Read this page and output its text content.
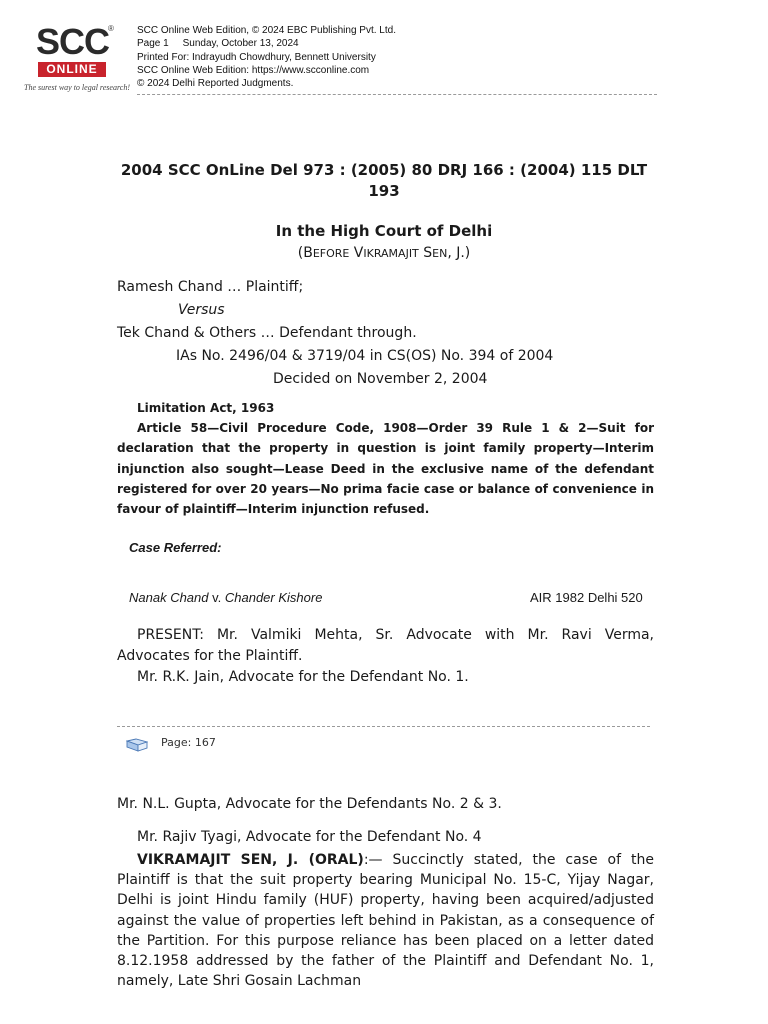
SCC
®
ONLINE
The surest way to legal research!
SCC Online Web Edition, © 2024 EBC Publishing Pvt. Ltd.
Page 1 Sunday, October 13, 2024
Printed For: Indrayudh Chowdhury, Bennett University
SCC Online Web Edition: https://www.scconline.com
© 2024 Delhi Reported Judgments.
2004 SCC OnLine Del 973 : (2005) 80 DRJ 166 : (2004) 115 DLT 193
In the High Court of Delhi
(BEFORE VIKRAMAJIT SEN, J.)
Ramesh Chand … Plaintiff;
Versus
Tek Chand & Others … Defendant through.
IAs No. 2496/04 & 3719/04 in CS(OS) No. 394 of 2004
Decided on November 2, 2004
Limitation Act, 1963
Article 58—Civil Procedure Code, 1908—Order 39 Rule 1 & 2—Suit for declaration that the property in question is joint family property—Interim injunction also sought—Lease Deed in the exclusive name of the defendant registered for over 20 years—No prima facie case or balance of convenience in favour of plaintiff—Interim injunction refused.
Case Referred:
Nanak Chand v. Chander Kishore	AIR 1982 Delhi 520
PRESENT: Mr. Valmiki Mehta, Sr. Advocate with Mr. Ravi Verma, Advocates for the Plaintiff.
Mr. R.K. Jain, Advocate for the Defendant No. 1.
Page: 167
Mr. N.L. Gupta, Advocate for the Defendants No. 2 & 3.
Mr. Rajiv Tyagi, Advocate for the Defendant No. 4
VIKRAMAJIT SEN, J. (ORAL):— Succinctly stated, the case of the Plaintiff is that the suit property bearing Municipal No. 15-C, Yijay Nagar, Delhi is joint Hindu family (HUF) property, having been acquired/adjusted against the value of properties left behind in Pakistan, as a consequence of the Partition. For this purpose reliance has been placed on a letter dated 8.12.1958 addressed by the father of the Plaintiff and Defendant No. 1, namely, Late Shri Gosain Lachman
